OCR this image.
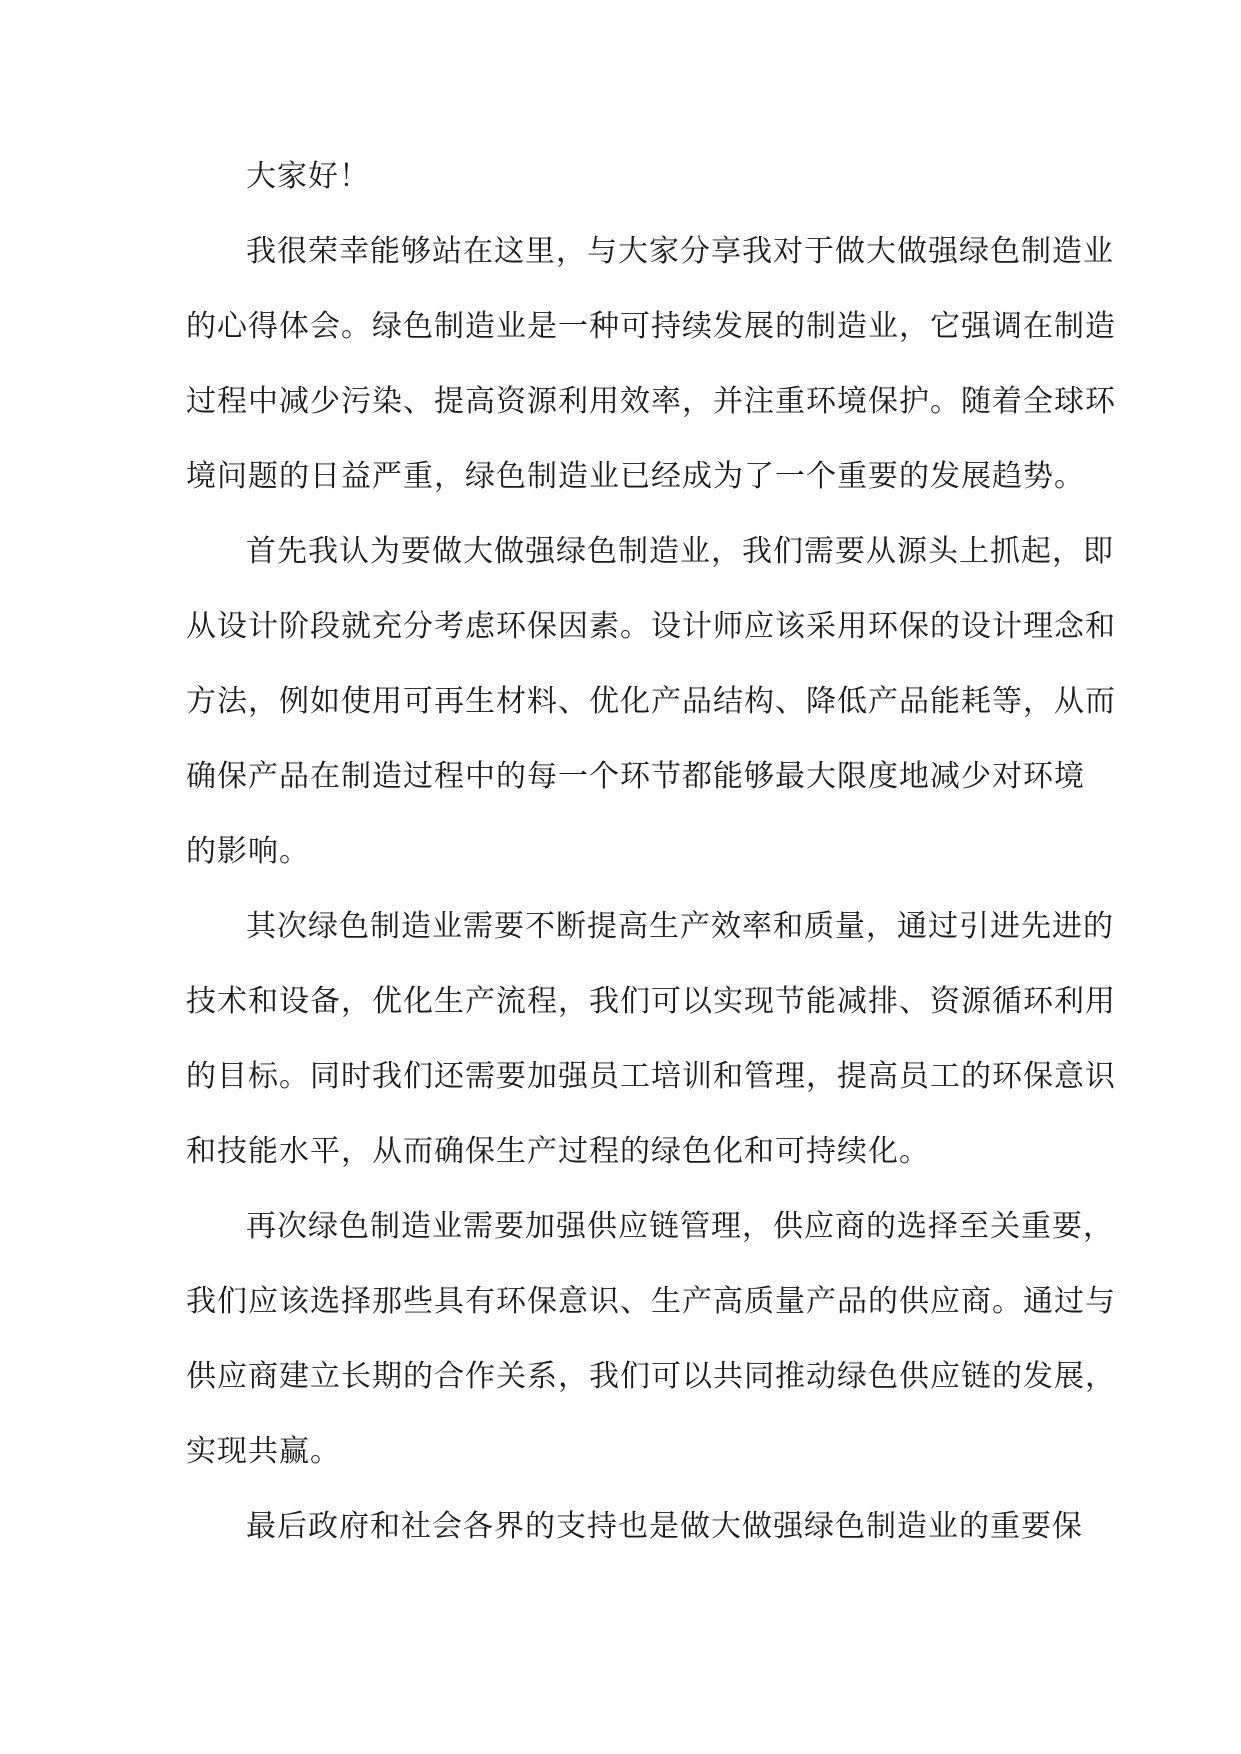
大家好！
我很荣幸能够站在这里，与大家分享我对于做大做强绿色制造业
的心得体会。绿色制造业是一种可持续发展的制造业，它强调在制造
过程中减少污染、提高资源利用效率，并注重环境保护。随着全球环
境问题的日益严重，绿色制造业已经成为了一个重要的发展趋势。
首先我认为要做大做强绿色制造业，我们需要从源头上抓起，即
从设计阶段就充分考虑环保因素。设计师应该采用环保的设计理念和
方法，例如使用可再生材料、优化产品结构、降低产品能耗等，从而
确保产品在制造过程中的每一个环节都能够最大限度地减少对环境
的影响。
其次绿色制造业需要不断提高生产效率和质量，通过引进先进的
技术和设备，优化生产流程，我们可以实现节能减排、资源循环利用
的目标。同时我们还需要加强员工培训和管理，提高员工的环保意识
和技能水平，从而确保生产过程的绿色化和可持续化。
再次绿色制造业需要加强供应链管理，供应商的选择至关重要，
我们应该选择那些具有环保意识、生产高质量产品的供应商。通过与
供应商建立长期的合作关系，我们可以共同推动绿色供应链的发展，
实现共赢。
最后政府和社会各界的支持也是做大做强绿色制造业的重要保
